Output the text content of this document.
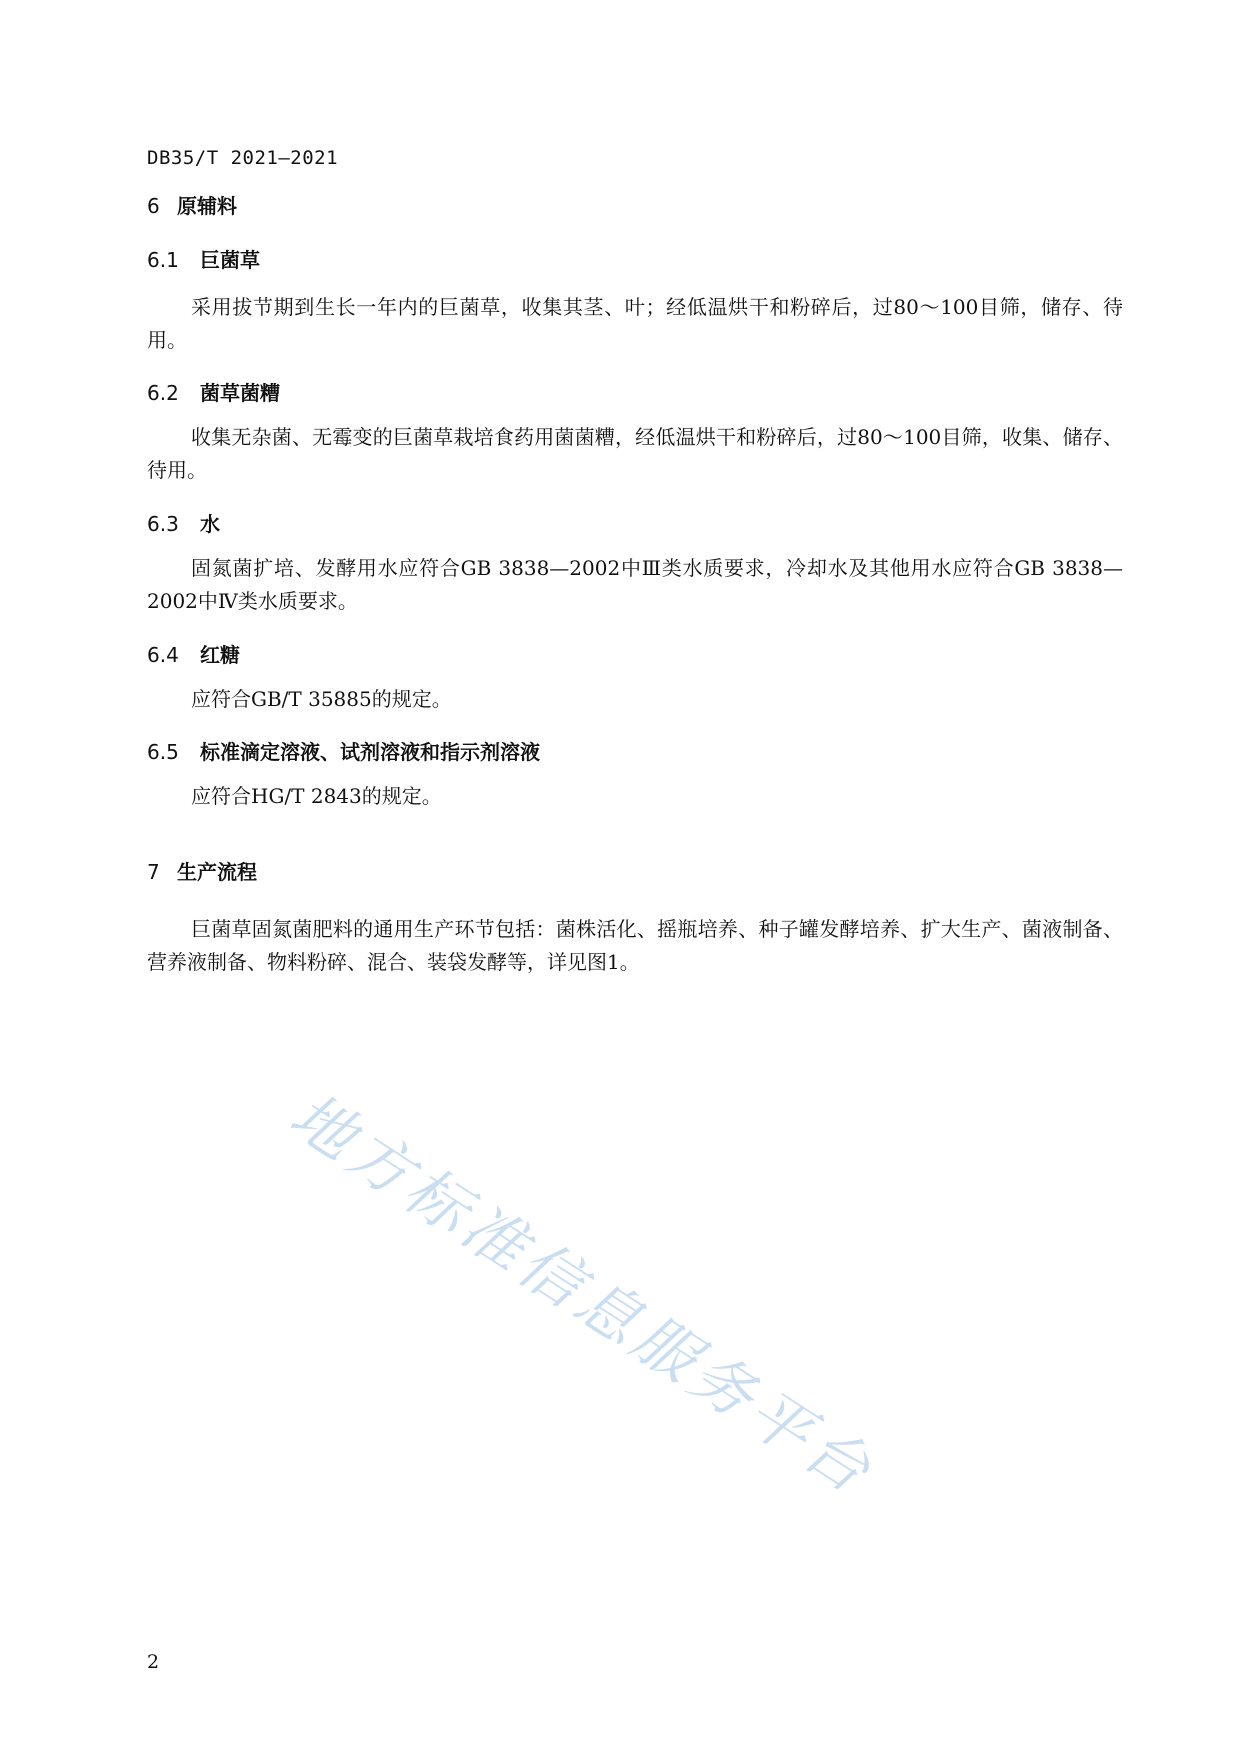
DB35/T 2021—2021
6 原辅料
6.1 巨菌草
采用拔节期到生长一年内的巨菌草，收集其茎、叶；经低温烘干和粉碎后，过80～100目筛，储存、待用。
6.2 菌草菌糟
收集无杂菌、无霉变的巨菌草栽培食药用菌菌糟，经低温烘干和粉碎后，过80～100目筛，收集、储存、待用。
6.3 水
固氮菌扩培、发酵用水应符合GB 3838—2002中Ⅲ类水质要求，冷却水及其他用水应符合GB 3838—2002中Ⅳ类水质要求。
6.4 红糖
应符合GB/T 35885的规定。
6.5 标准滴定溶液、试剂溶液和指示剂溶液
应符合HG/T 2843的规定。
7 生产流程
巨菌草固氮菌肥料的通用生产环节包括：菌株活化、摇瓶培养、种子罐发酵培养、扩大生产、菌液制备、营养液制备、物料粉碎、混合、装袋发酵等，详见图1。
地方标准信息服务平台
2
